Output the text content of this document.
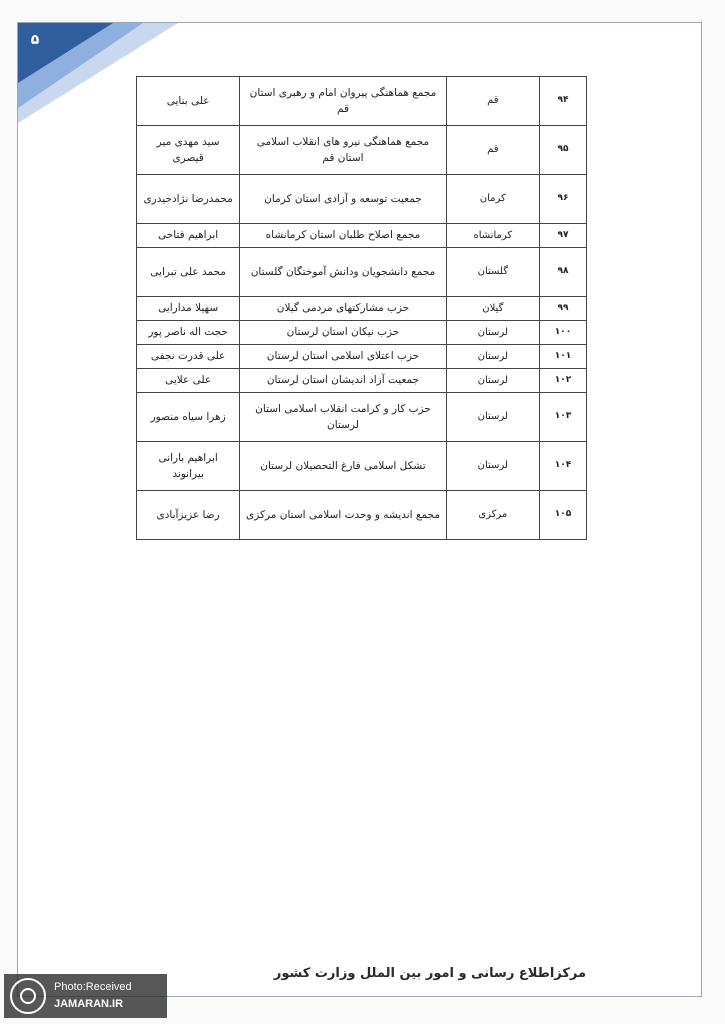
۵
۹۴	قم	مجمع هماهنگی پیروان امام و رهبری استان قم	علی بنایی
۹۵	قم	مجمع هماهنگی نیرو های انقلاب اسلامی استان قم	سید مهدی میر قیصری
۹۶	کرمان	جمعیت توسعه و آزادی استان کرمان	محمدرضا نژادحیدری
۹۷	کرمانشاه	مجمع اصلاح طلبان استان کرمانشاه	ابراهیم فتاحی
۹۸	گلستان	مجمع دانشجویان ودانش آموختگان گلستان	محمد علی تبرایی
۹۹	گیلان	حزب مشارکتهای مردمی گیلان	سهیلا مدارایی
۱۰۰	لرستان	حزب نیکان استان لرستان	حجت اله ناصر پور
۱۰۱	لرستان	حزب اعتلای اسلامی استان لرستان	علی قدرت نجفی
۱۰۲	لرستان	جمعیت آزاد اندیشان استان لرستان	علی علایی
۱۰۳	لرستان	حزب کار و کرامت انقلاب اسلامی استان لرستان	زهرا سیاه منصور
۱۰۴	لرستان	تشکل اسلامی فارغ التحصیلان لرستان	ابراهیم بارانی بیرانوند
۱۰۵	مرکزی	مجمع اندیشه و وحدت اسلامی استان مرکزی	رضا عزیزآبادی
مرکزاطلاع رسانی و امور بین الملل وزارت کشور
Photo:Received
JAMARAN.IR
